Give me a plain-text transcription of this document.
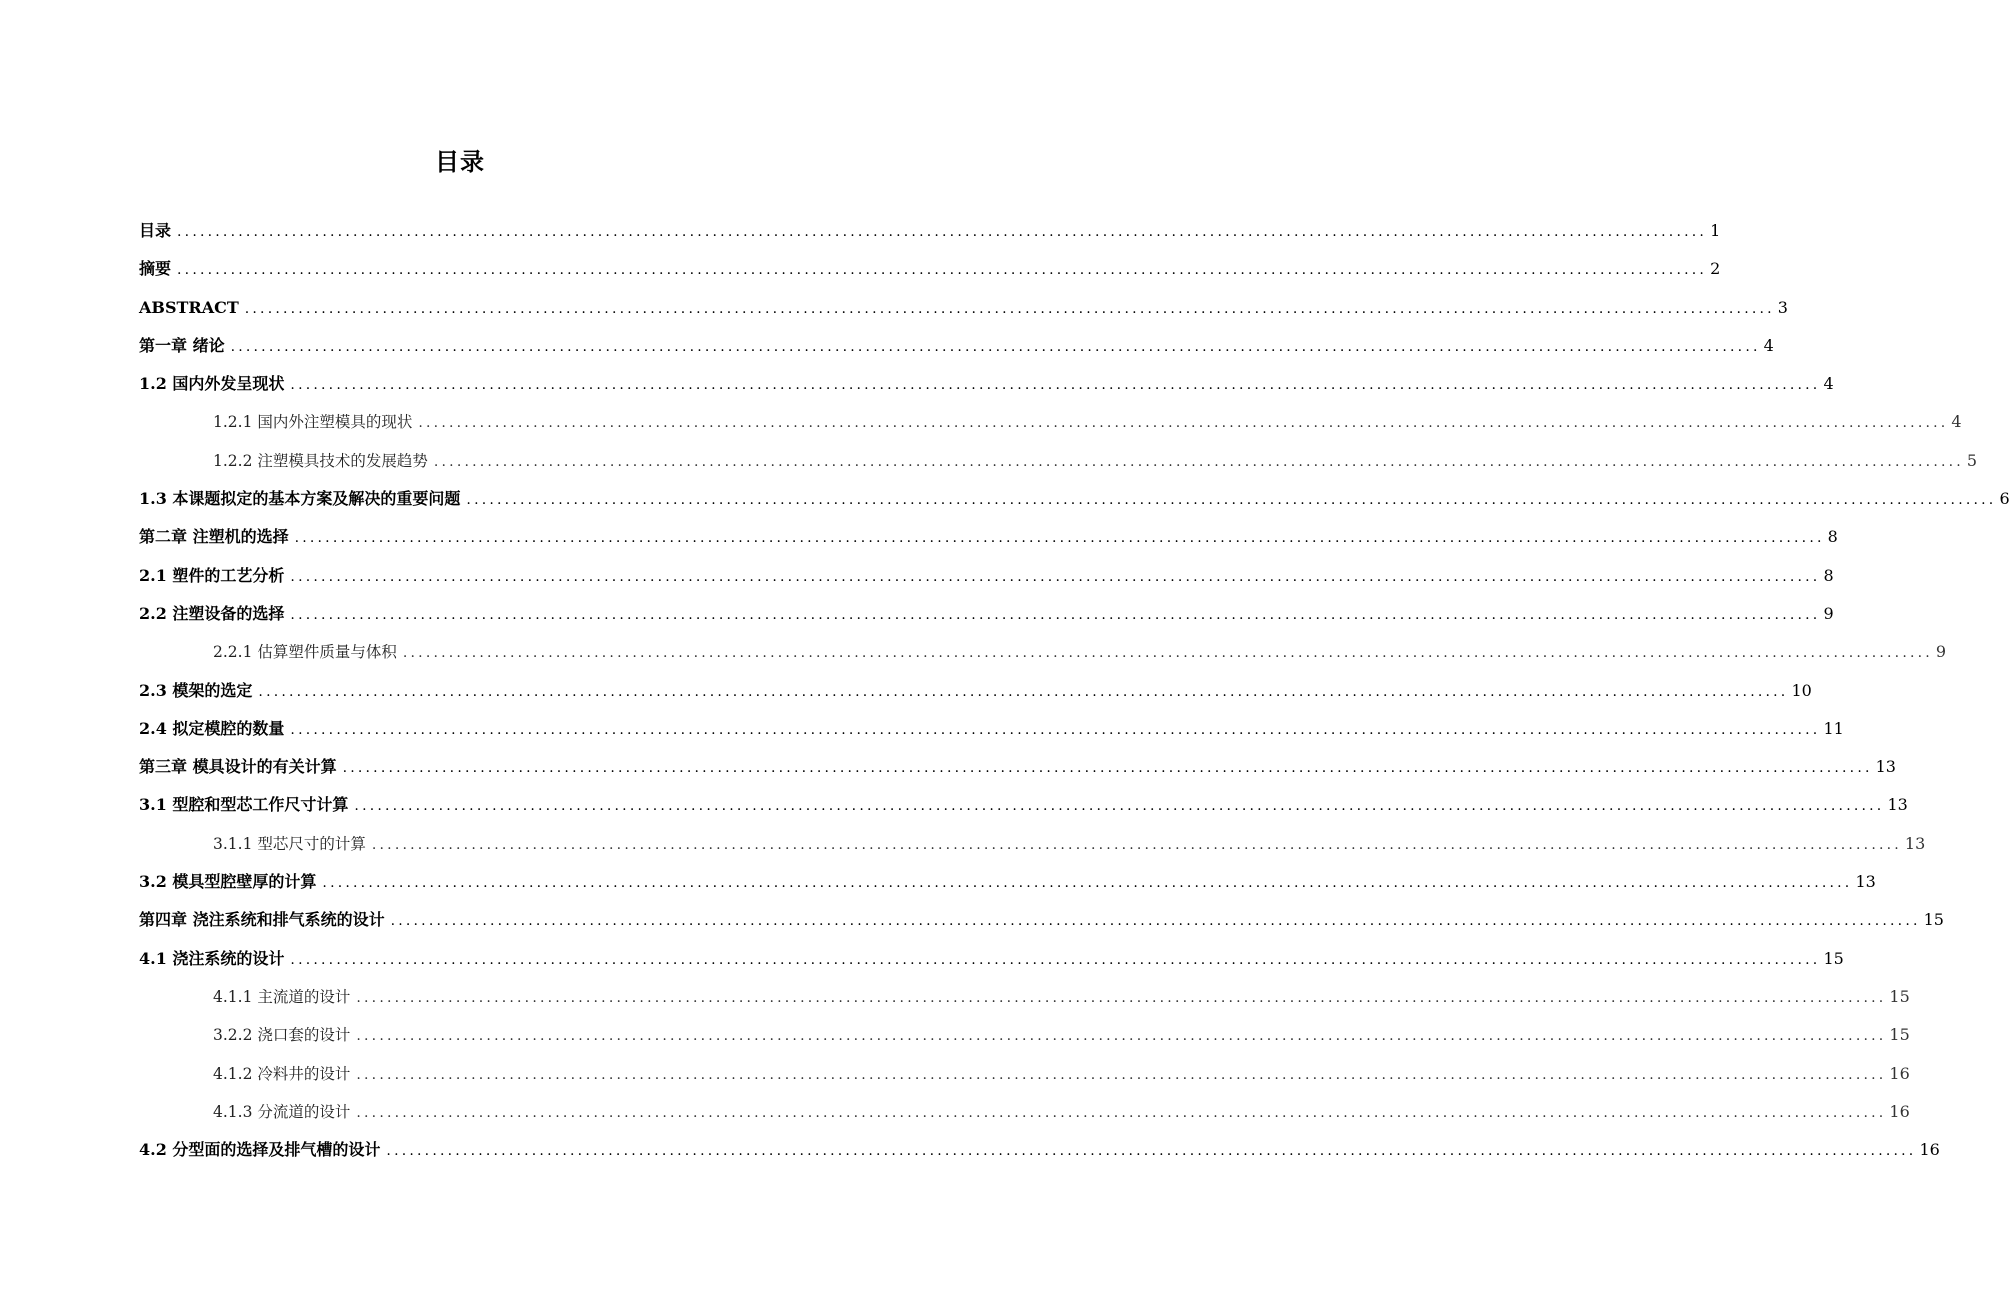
目录
目录 ........................................................................................................................................................................................................ 1
摘要 ........................................................................................................................................................................................................ 2
ABSTRACT ........................................................................................................................................................................................................ 3
第一章 绪论 ........................................................................................................................................................................................................ 4
1.2 国内外发呈现状 ........................................................................................................................................................................................................ 4
1.2.1 国内外注塑模具的现状 ........................................................................................................................................................................................................ 4
1.2.2 注塑模具技术的发展趋势 ........................................................................................................................................................................................................ 5
1.3 本课题拟定的基本方案及解决的重要问题 ........................................................................................................................................................................................................ 6
第二章 注塑机的选择 ........................................................................................................................................................................................................ 8
2.1 塑件的工艺分析 ........................................................................................................................................................................................................ 8
2.2 注塑设备的选择 ........................................................................................................................................................................................................ 9
2.2.1 估算塑件质量与体积 ........................................................................................................................................................................................................ 9
2.3 模架的选定 ........................................................................................................................................................................................................ 10
2.4 拟定模腔的数量 ........................................................................................................................................................................................................ 11
第三章 模具设计的有关计算 ........................................................................................................................................................................................................ 13
3.1 型腔和型芯工作尺寸计算 ........................................................................................................................................................................................................ 13
3.1.1 型芯尺寸的计算 ........................................................................................................................................................................................................ 13
3.2 模具型腔壁厚的计算 ........................................................................................................................................................................................................ 13
第四章 浇注系统和排气系统的设计 ........................................................................................................................................................................................................ 15
4.1 浇注系统的设计 ........................................................................................................................................................................................................ 15
4.1.1 主流道的设计 ........................................................................................................................................................................................................ 15
3.2.2 浇口套的设计 ........................................................................................................................................................................................................ 15
4.1.2 冷料井的设计 ........................................................................................................................................................................................................ 16
4.1.3 分流道的设计 ........................................................................................................................................................................................................ 16
4.2 分型面的选择及排气槽的设计 ........................................................................................................................................................................................................ 16
